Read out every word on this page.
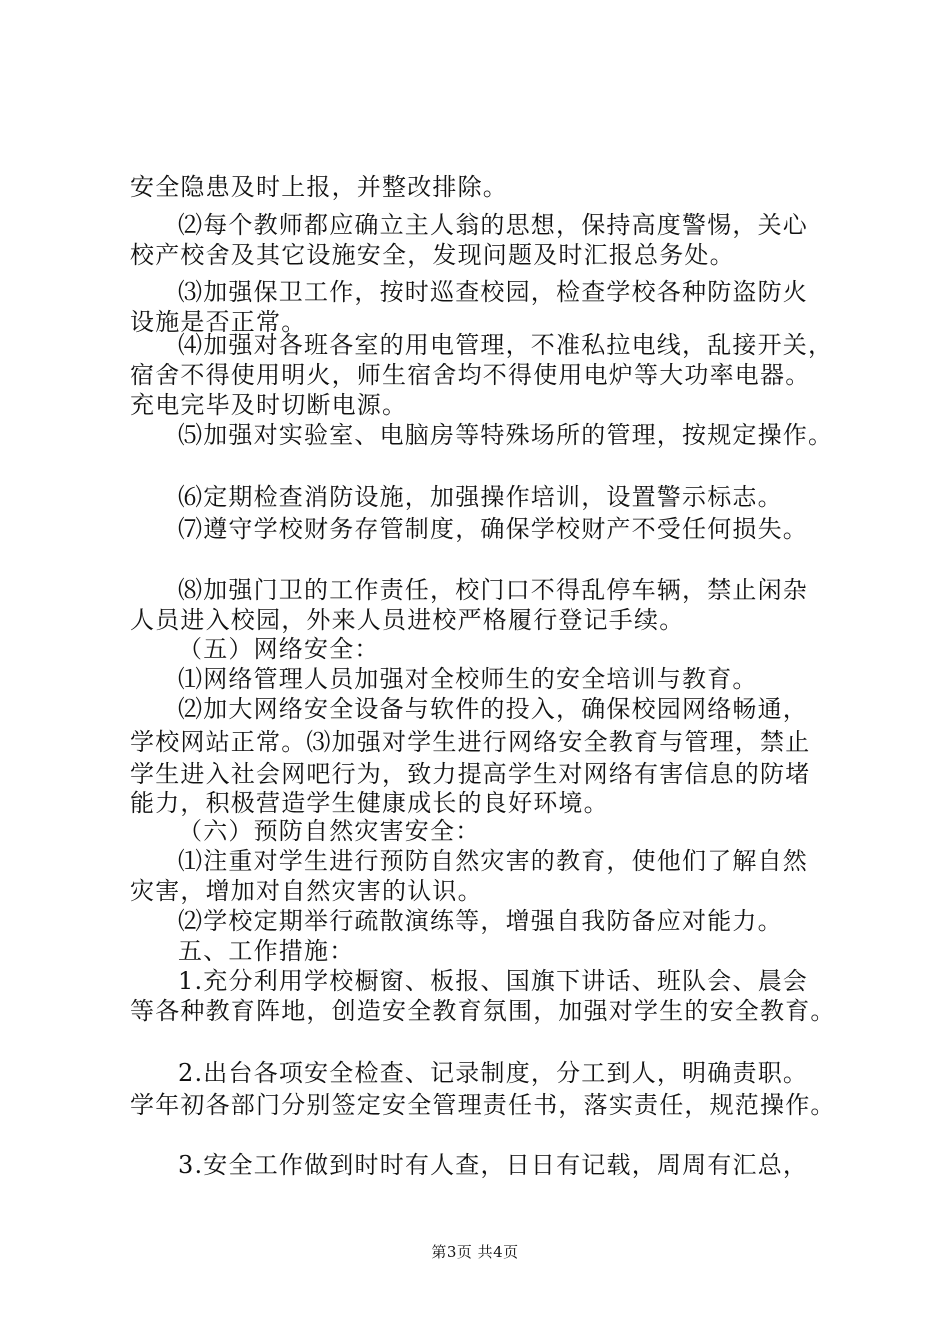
安全隐患及时上报，并整改排除。
⑵每个教师都应确立主人翁的思想，保持高度警惕，关心
校产校舍及其它设施安全，发现问题及时汇报总务处。
⑶加强保卫工作，按时巡查校园，检查学校各种防盗防火
设施是否正常。
⑷加强对各班各室的用电管理，不准私拉电线，乱接开关，
宿舍不得使用明火，师生宿舍均不得使用电炉等大功率电器。
充电完毕及时切断电源。
⑸加强对实验室、电脑房等特殊场所的管理，按规定操作。
⑹定期检查消防设施，加强操作培训，设置警示标志。
⑺遵守学校财务存管制度，确保学校财产不受任何损失。
⑻加强门卫的工作责任，校门口不得乱停车辆，禁止闲杂
人员进入校园，外来人员进校严格履行登记手续。
（五）网络安全：
⑴网络管理人员加强对全校师生的安全培训与教育。
⑵加大网络安全设备与软件的投入，确保校园网络畅通，
学校网站正常。⑶加强对学生进行网络安全教育与管理，禁止
学生进入社会网吧行为，致力提高学生对网络有害信息的防堵
能力，积极营造学生健康成长的良好环境。
（六）预防自然灾害安全：
⑴注重对学生进行预防自然灾害的教育，使他们了解自然
灾害，增加对自然灾害的认识。
⑵学校定期举行疏散演练等，增强自我防备应对能力。
五、工作措施：
1.充分利用学校橱窗、板报、国旗下讲话、班队会、晨会
等各种教育阵地，创造安全教育氛围，加强对学生的安全教育。
2.出台各项安全检查、记录制度，分工到人，明确责职。
学年初各部门分别签定安全管理责任书，落实责任，规范操作。
3.安全工作做到时时有人查，日日有记载，周周有汇总，
第3页 共4页
